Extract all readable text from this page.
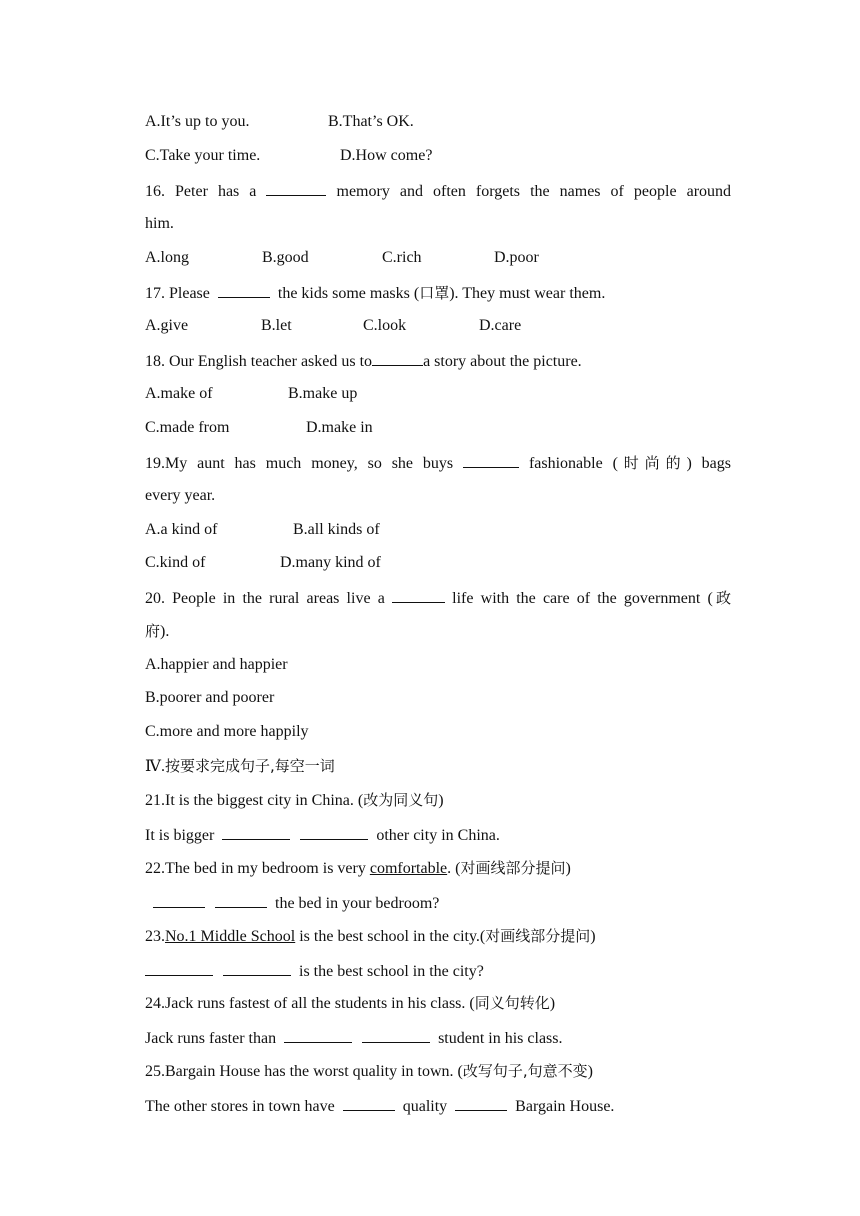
A.It’s up to you.	B.That’s OK.
C.Take your time.	D.How come?
16. Peter has a	memory and often forgets the names of people around
him.
A.long	B.good	C.rich	D.poor
17. Please	the kids some masks (口罩). They must wear them.
A.give	B.let	C.look	D.care
18. Our English teacher asked us to	a story about the picture.
A.make of	B.make up
C.made from	D.make in
19.My aunt has much money, so she buys	fashionable (时尚的) bags
every year.
A.a kind of	B.all kinds of
C.kind of	D.many kind of
20. People in the rural areas live a	life with the care of the government (政
府).
A.happier and happier
B.poorer and poorer
C.more and more happily
Ⅳ.按要求完成句子,每空一词
21.It is the biggest city in China. (改为同义句)
It is bigger	other city in China.
22.The bed in my bedroom is very comfortable. (对画线部分提问)
the bed in your bedroom?
23.No.1 Middle School is the best school in the city.(对画线部分提问)
is the best school in the city?
24.Jack runs fastest of all the students in his class. (同义句转化)
Jack runs faster than	student in his class.
25.Bargain House has the worst quality in town. (改写句子,句意不变)
The other stores in town have	quality	Bargain House.
